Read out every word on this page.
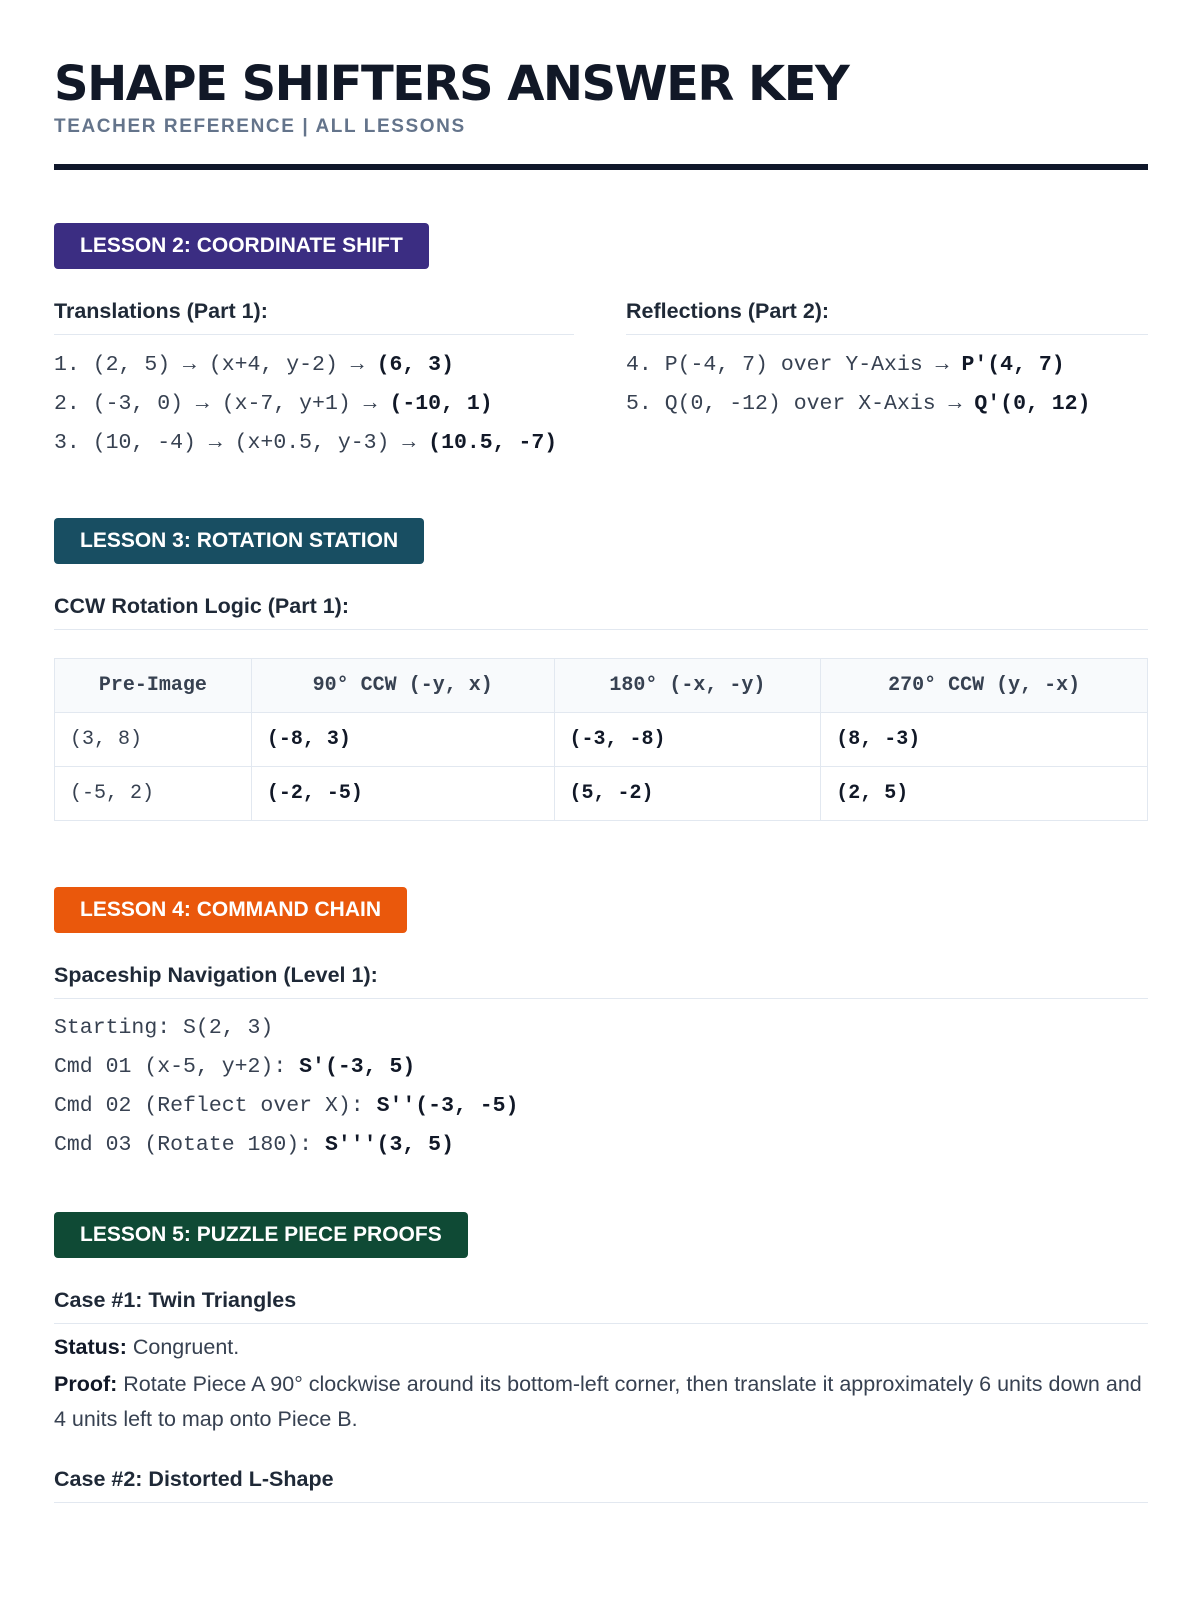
SHAPE SHIFTERS ANSWER KEY
TEACHER REFERENCE | ALL LESSONS
LESSON 2: COORDINATE SHIFT
Translations (Part 1):
1. (2, 5) → (x+4, y-2) → (6, 3)
2. (-3, 0) → (x-7, y+1) → (-10, 1)
3. (10, -4) → (x+0.5, y-3) → (10.5, -7)
Reflections (Part 2):
4. P(-4, 7) over Y-Axis → P'(4, 7)
5. Q(0, -12) over X-Axis → Q'(0, 12)
LESSON 3: ROTATION STATION
CCW Rotation Logic (Part 1):
Pre-Image	90° CCW (-y, x)	180° (-x, -y)	270° CCW (y, -x)
(3, 8)	(-8, 3)	(-3, -8)	(8, -3)
(-5, 2)	(-2, -5)	(5, -2)	(2, 5)
LESSON 4: COMMAND CHAIN
Spaceship Navigation (Level 1):
Starting: S(2, 3)
Cmd 01 (x-5, y+2): S'(-3, 5)
Cmd 02 (Reflect over X): S''(-3, -5)
Cmd 03 (Rotate 180): S'''(3, 5)
LESSON 5: PUZZLE PIECE PROOFS
Case #1: Twin Triangles
Status: Congruent.
Proof: Rotate Piece A 90° clockwise around its bottom-left corner, then translate it approximately 6 units down and 4 units left to map onto Piece B.
Case #2: Distorted L-Shape
